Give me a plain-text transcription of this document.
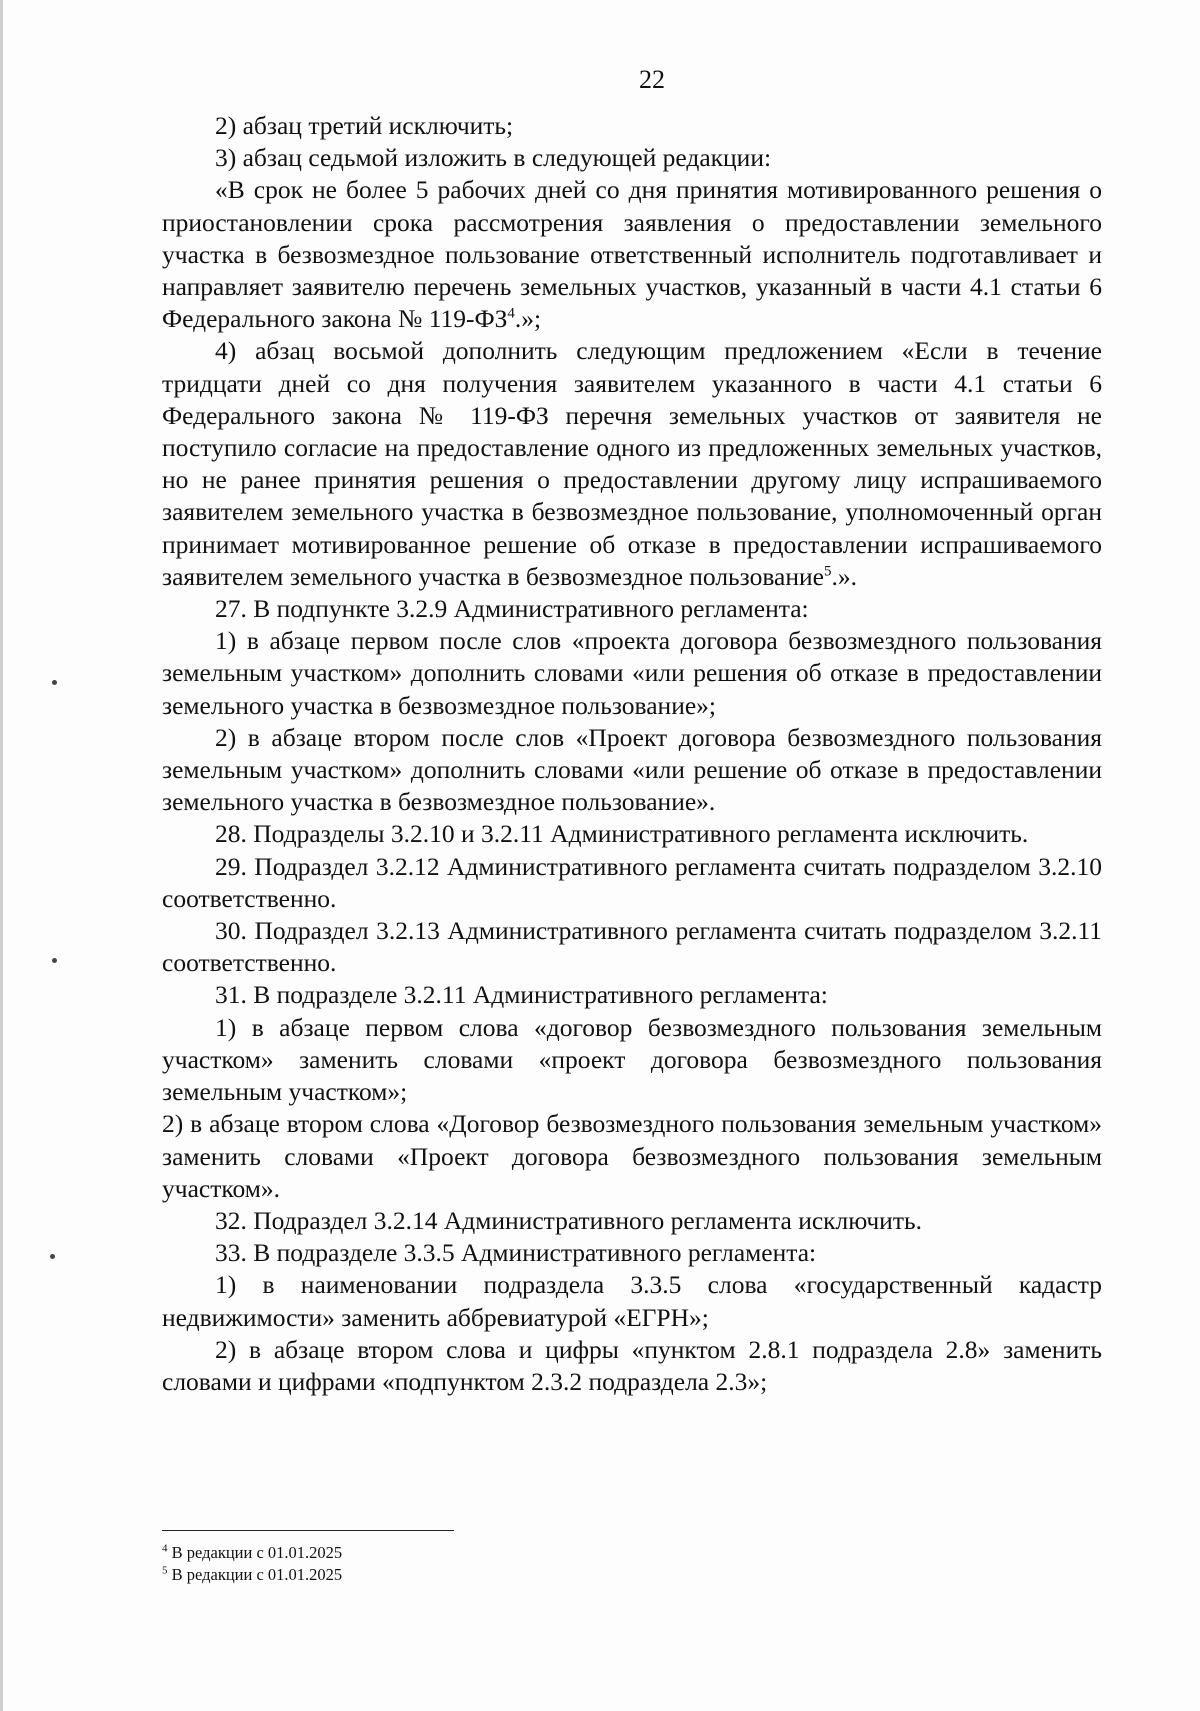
22

2) абзац третий исключить;

3) абзац седьмой изложить в следующей редакции:

«В срок не более 5 рабочих дней со дня принятия мотивированного решения о приостановлении срока рассмотрения заявления о предоставлении земельного участка в безвозмездное пользование ответственный исполнитель подготавливает и направляет заявителю перечень земельных участков, указанный в части 4.1 статьи 6 Федерального закона № $119-ФЗ^4$.»;

4) абзац восьмой дополнить следующим предложением «Если в течение тридцати дней со дня получения заявителем указанного в части 4.1 статьи 6 Федерального закона № 119-ФЗ перечня земельных участков от заявителя не поступило согласие на предоставление одного из предложенных земельных участков, но не ранее принятия решения о предоставлении другому лицу испрашиваемого заявителем земельного участка в безвозмездное пользование, уполномоченный орган принимает мотивированное решение об отказе в предоставлении испрашиваемого заявителем земельного участка в безвозмездное пользование$^5$.».

27. В подпункте 3.2.9 Административного регламента:

1) в абзаце первом после слов «проекта договора безвозмездного пользования земельным участком» дополнить словами «или решения об отказе в предоставлении земельного участка в безвозмездное пользование»;

2) в абзаце втором после слов «Проект договора безвозмездного пользования земельным участком» дополнить словами «или решение об отказе в предоставлении земельного участка в безвозмездное пользование».

28. Подразделы 3.2.10 и 3.2.11 Административного регламента исключить.

29. Подраздел 3.2.12 Административного регламента считать подразделом 3.2.10 соответственно.

30. Подраздел 3.2.13 Административного регламента считать подразделом 3.2.11 соответственно.

31. В подразделе 3.2.11 Административного регламента:

1) в абзаце первом слова «договор безвозмездного пользования земельным участком» заменить словами «проект договора безвозмездного пользования земельным участком»;

2) в абзаце втором слова «Договор безвозмездного пользования земельным участком» заменить словами «Проект договора безвозмездного пользования земельным участком».

32. Подраздел 3.2.14 Административного регламента исключить.

33. В подразделе 3.3.5 Административного регламента:

1) в наименовании подраздела 3.3.5 слова «государственный кадастр недвижимости» заменить аббревиатурой «ЕГРН»;

2) в абзаце втором слова и цифры «пунктом 2.8.1 подраздела 2.8» заменить словами и цифрами «подпунктом 2.3.2 подраздела 2.3»;

$^4$ В редакции с 01.01.2025
$^5$ В редакции с 01.01.2025
